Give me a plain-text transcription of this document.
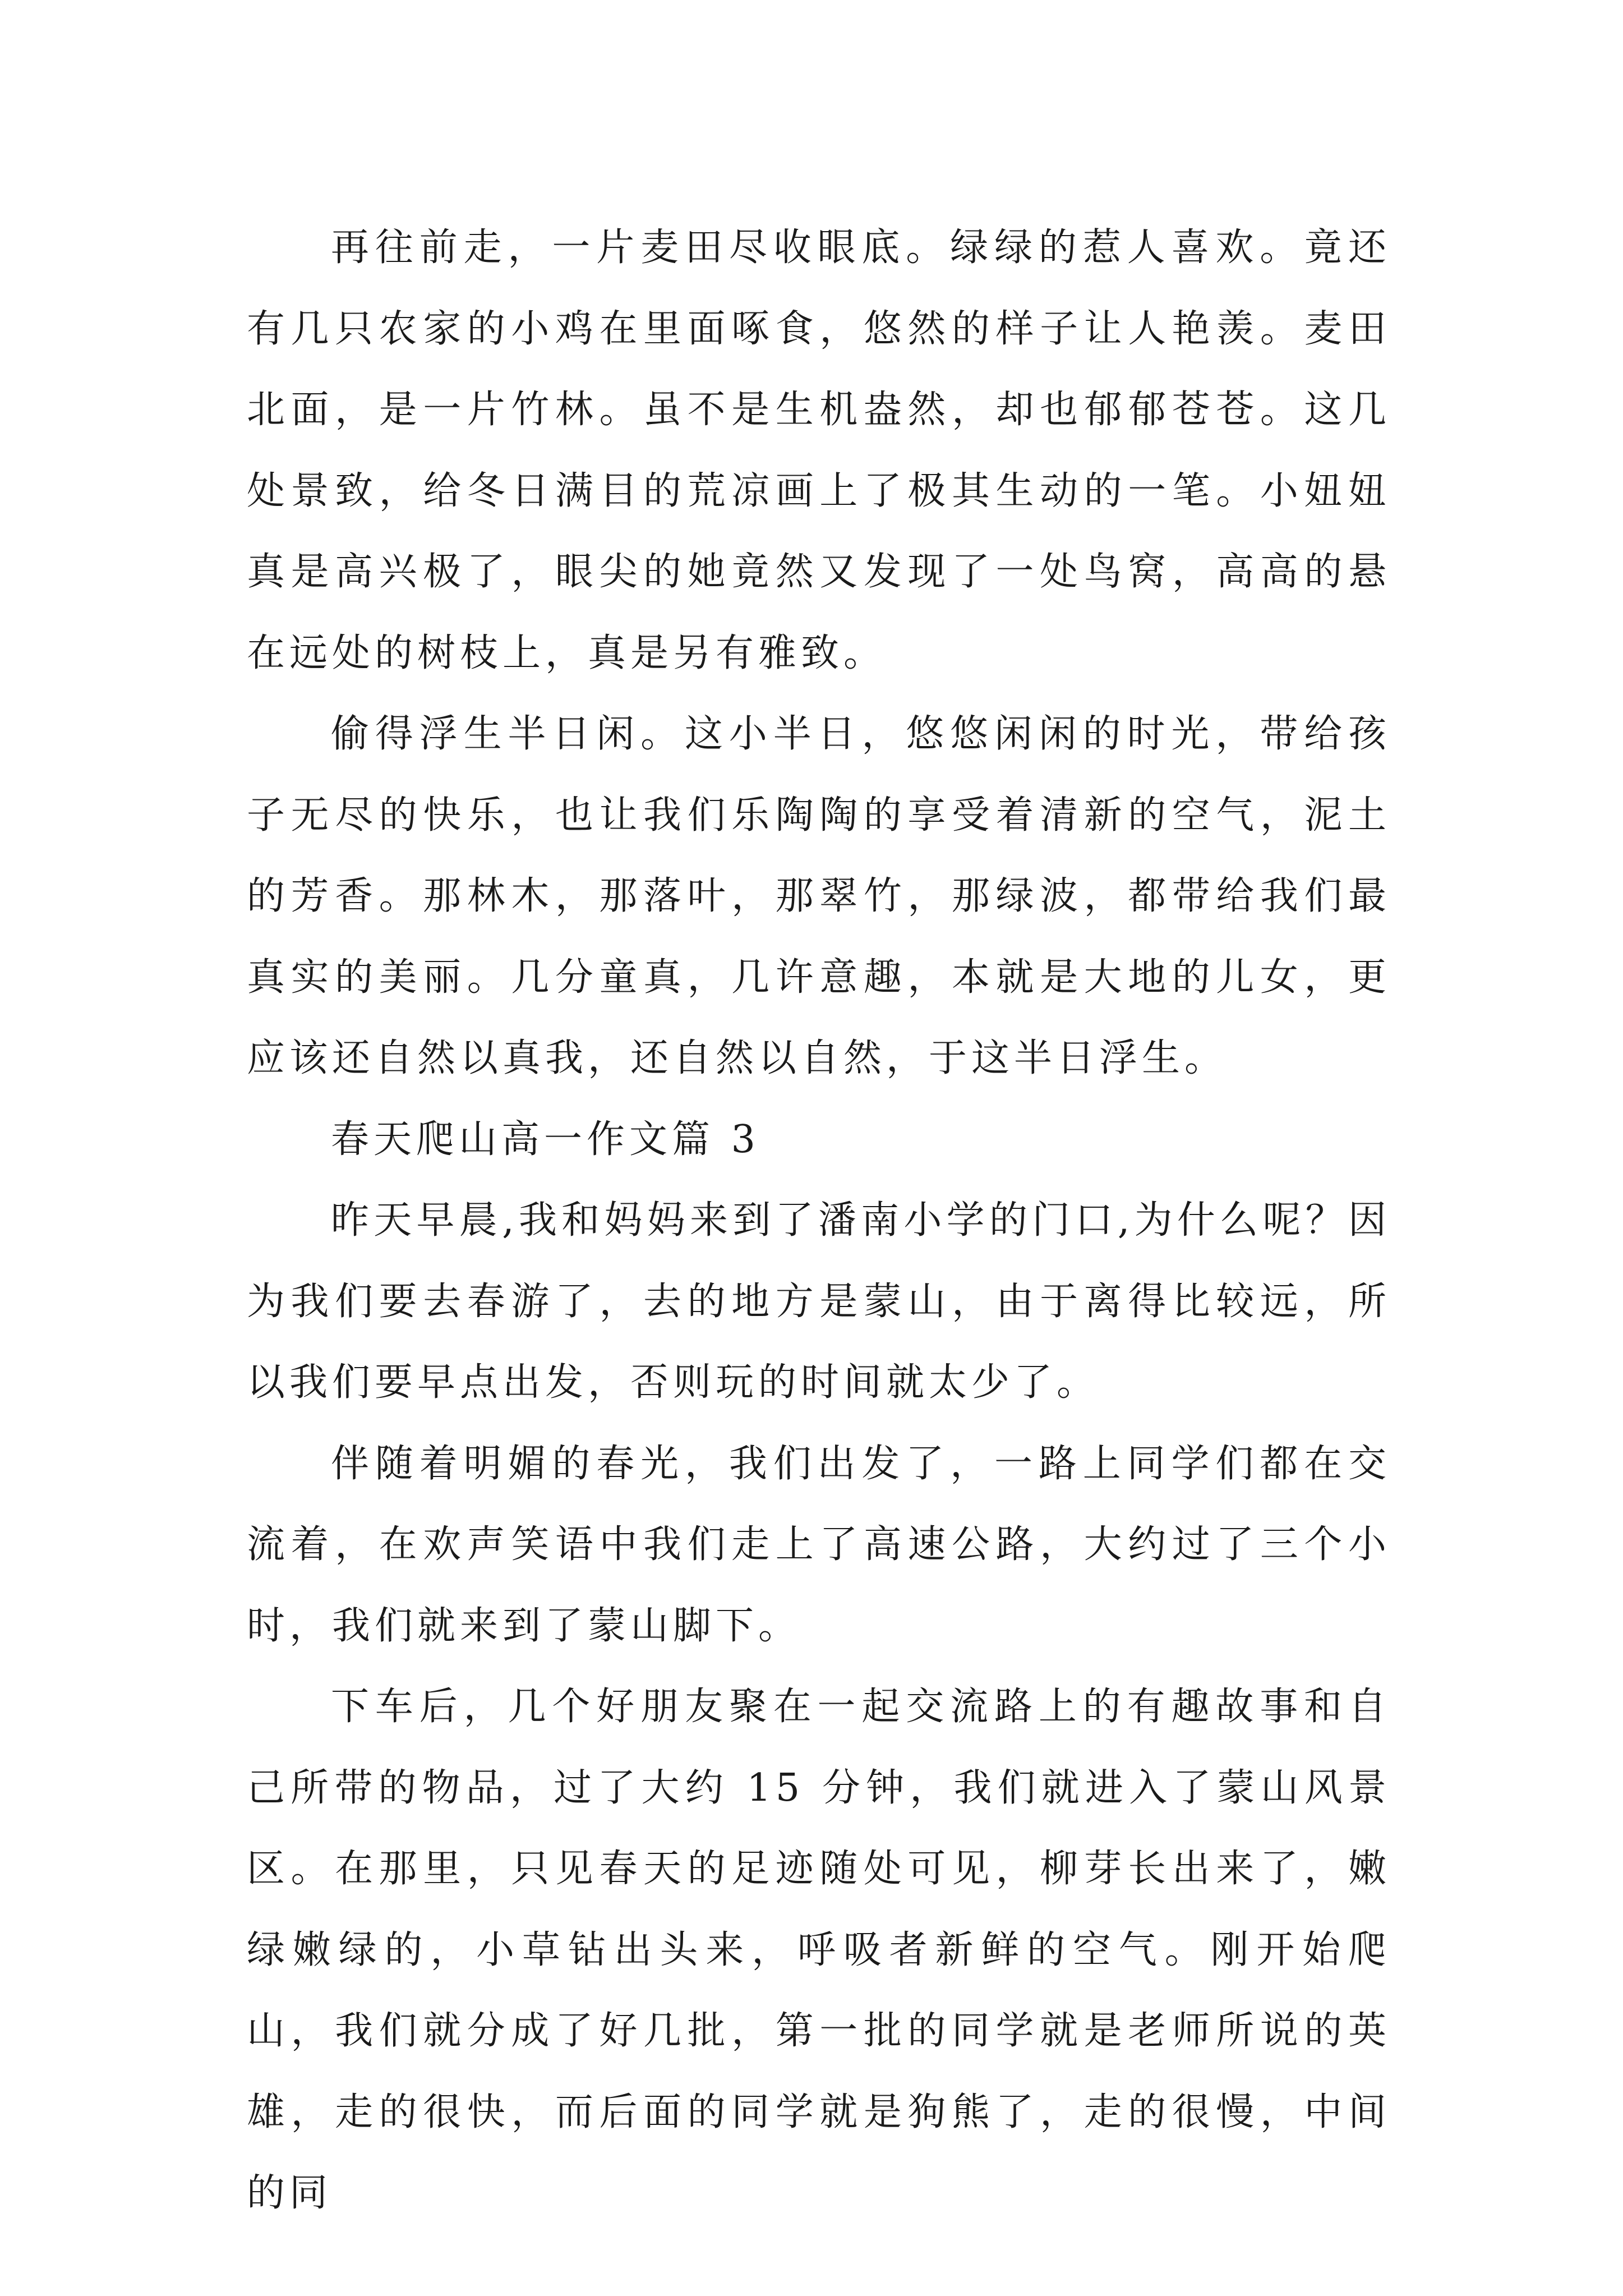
再往前走，一片麦田尽收眼底。绿绿的惹人喜欢。竟还有几只农家的小鸡在里面啄食，悠然的样子让人艳羡。麦田北面，是一片竹林。虽不是生机盎然，却也郁郁苍苍。这几处景致，给冬日满目的荒凉画上了极其生动的一笔。小妞妞真是高兴极了，眼尖的她竟然又发现了一处鸟窝，高高的悬在远处的树枝上，真是另有雅致。

偷得浮生半日闲。这小半日，悠悠闲闲的时光，带给孩子无尽的快乐，也让我们乐陶陶的享受着清新的空气，泥土的芳香。那林木，那落叶，那翠竹，那绿波，都带给我们最真实的美丽。几分童真，几许意趣，本就是大地的儿女，更应该还自然以真我，还自然以自然，于这半日浮生。

春天爬山高一作文篇 3

昨天早晨,我和妈妈来到了潘南小学的门口,为什么呢？因为我们要去春游了，去的地方是蒙山，由于离得比较远，所以我们要早点出发，否则玩的时间就太少了。

伴随着明媚的春光，我们出发了，一路上同学们都在交流着，在欢声笑语中我们走上了高速公路，大约过了三个小时，我们就来到了蒙山脚下。

下车后，几个好朋友聚在一起交流路上的有趣故事和自己所带的物品，过了大约 15 分钟，我们就进入了蒙山风景区。在那里，只见春天的足迹随处可见，柳芽长出来了，嫩绿嫩绿的，小草钻出头来，呼吸者新鲜的空气。刚开始爬山，我们就分成了好几批，第一批的同学就是老师所说的英雄，走的很快，而后面的同学就是狗熊了，走的很慢，中间的同
